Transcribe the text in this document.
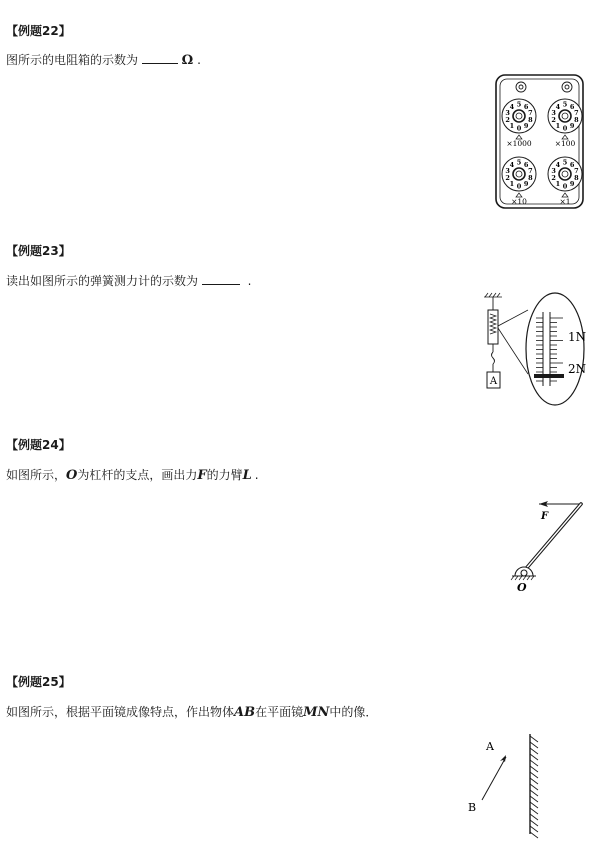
【例题22】
图所示的电阻箱的示数为	Ω .
0
1
2
3
4 5 6
7
8
9
×1000
0
1
2
3
4 5 6
7
8
9
×100
0
1
2
3
4 5 6
7
8
9
×10
0
1
2
3
4 5 6
7
8
9
×1
【例题23】
读出如图所示的弹簧测力计的示数为	.
A
1N
2N
【例题24】
如图所示，O为杠杆的支点，画出力F的力臂L .
F
O
【例题25】
如图所示，根据平面镜成像特点，作出物体AB在平面镜MN中的像．
A
B
